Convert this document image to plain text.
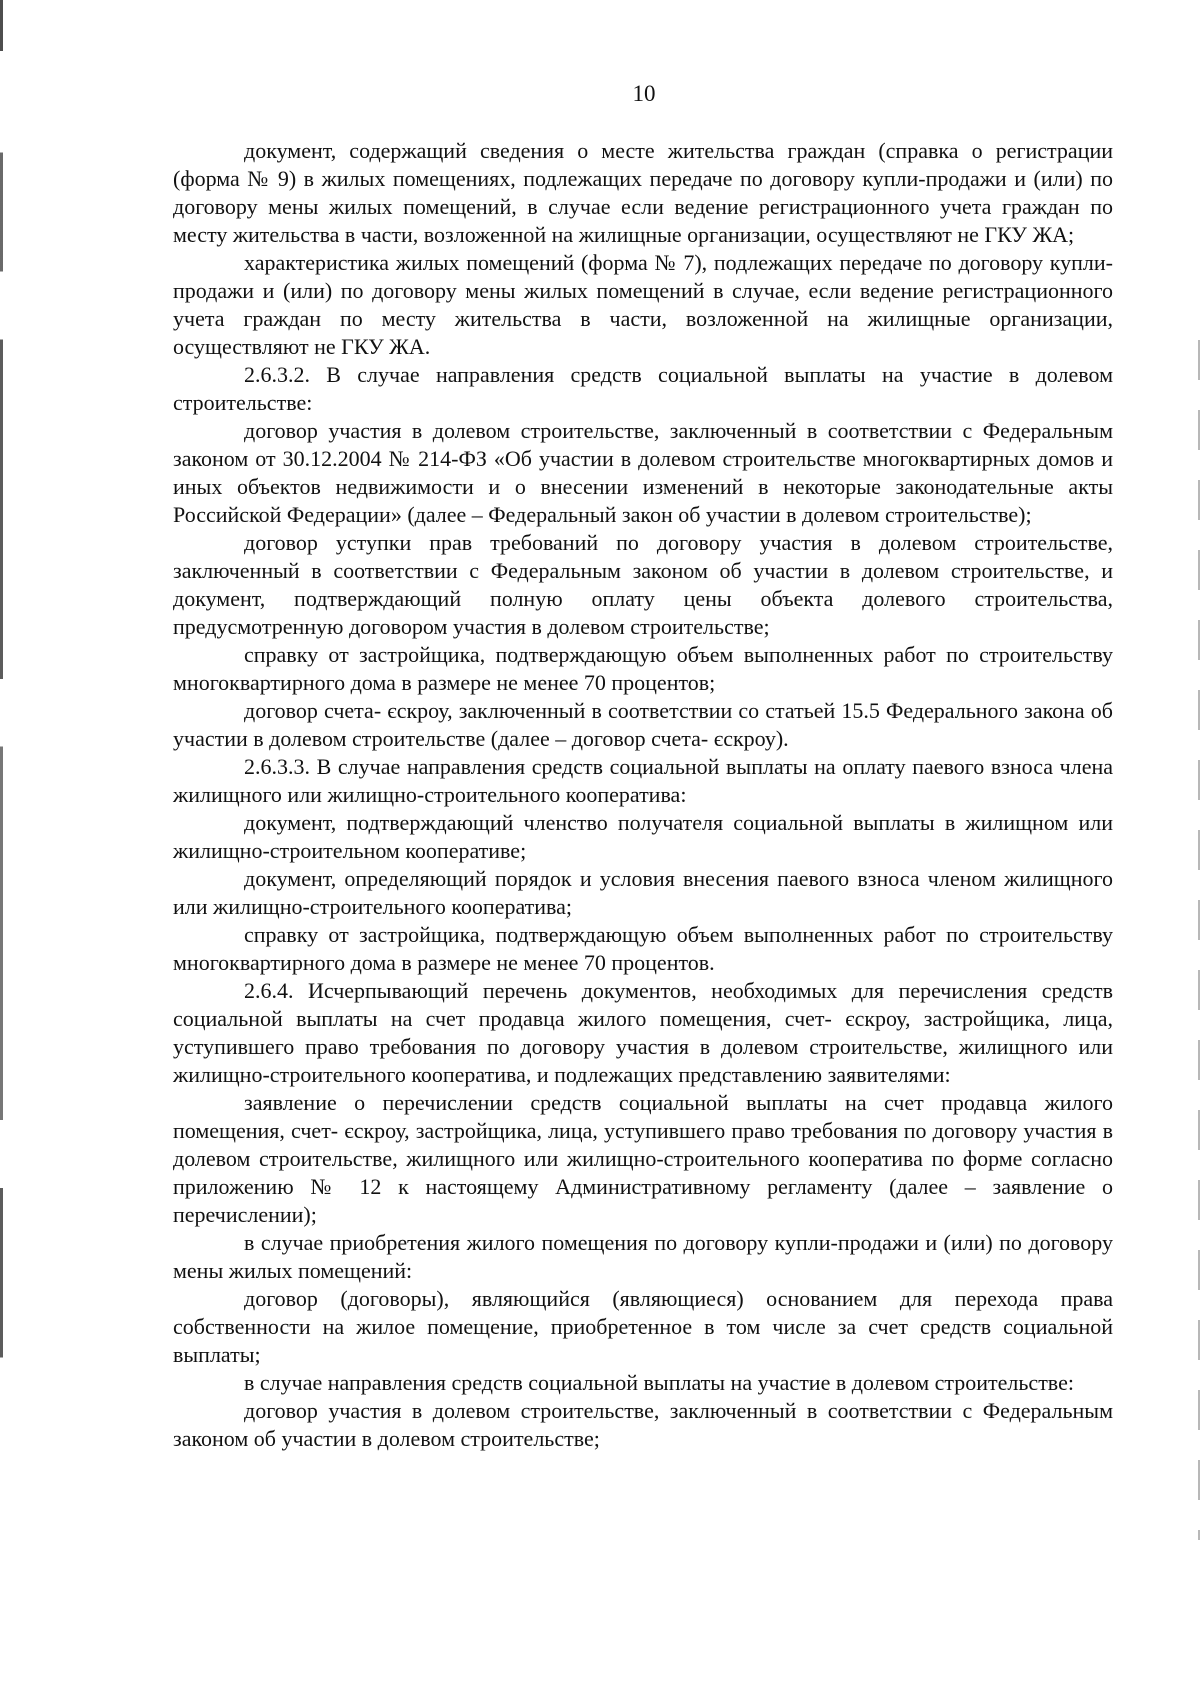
10

документ, содержащий сведения о месте жительства граждан (справка о регистрации (форма № 9) в жилых помещениях, подлежащих передаче по договору купли-продажи и (или) по договору мены жилых помещений, в случае если ведение регистрационного учета граждан по месту жительства в части, возложенной на жилищные организации, осуществляют не ГКУ ЖА;

характеристика жилых помещений (форма № 7), подлежащих передаче по договору купли-продажи и (или) по договору мены жилых помещений в случае, если ведение регистрационного учета граждан по месту жительства в части, возложенной на жилищные организации, осуществляют не ГКУ ЖА.

2.6.3.2. В случае направления средств социальной выплаты на участие в долевом строительстве:

договор участия в долевом строительстве, заключенный в соответствии с Федеральным законом от 30.12.2004 № 214-ФЗ «Об участии в долевом строительстве многоквартирных домов и иных объектов недвижимости и о внесении изменений в некоторые законодательные акты Российской Федерации» (далее – Федеральный закон об участии в долевом строительстве);

договор уступки прав требований по договору участия в долевом строительстве, заключенный в соответствии с Федеральным законом об участии в долевом строительстве, и документ, подтверждающий полную оплату цены объекта долевого строительства, предусмотренную договором участия в долевом строительстве;

справку от застройщика, подтверждающую объем выполненных работ по строительству многоквартирного дома в размере не менее 70 процентов;

договор счета- єскроу, заключенный в соответствии со статьей 15.5 Федерального закона об участии в долевом строительстве (далее – договор счета- єскроу).

2.6.3.3. В случае направления средств социальной выплаты на оплату паевого взноса члена жилищного или жилищно-строительного кооператива:

документ, подтверждающий членство получателя социальной выплаты в жилищном или жилищно-строительном кооперативе;

документ, определяющий порядок и условия внесения паевого взноса членом жилищного или жилищно-строительного кооператива;

справку от застройщика, подтверждающую объем выполненных работ по строительству многоквартирного дома в размере не менее 70 процентов.

2.6.4. Исчерпывающий перечень документов, необходимых для перечисления средств социальной выплаты на счет продавца жилого помещения, счет- єскроу, застройщика, лица, уступившего право требования по договору участия в долевом строительстве, жилищного или жилищно-строительного кооператива, и подлежащих представлению заявителями:

заявление о перечислении средств социальной выплаты на счет продавца жилого помещения, счет- єскроу, застройщика, лица, уступившего право требования по договору участия в долевом строительстве, жилищного или жилищно-строительного кооператива по форме согласно приложению № 12 к настоящему Административному регламенту (далее – заявление о перечислении);

в случае приобретения жилого помещения по договору купли-продажи и (или) по договору мены жилых помещений:

договор (договоры), являющийся (являющиеся) основанием для перехода права собственности на жилое помещение, приобретенное в том числе за счет средств социальной выплаты;

в случае направления средств социальной выплаты на участие в долевом строительстве:

договор участия в долевом строительстве, заключенный в соответствии с Федеральным законом об участии в долевом строительстве;
